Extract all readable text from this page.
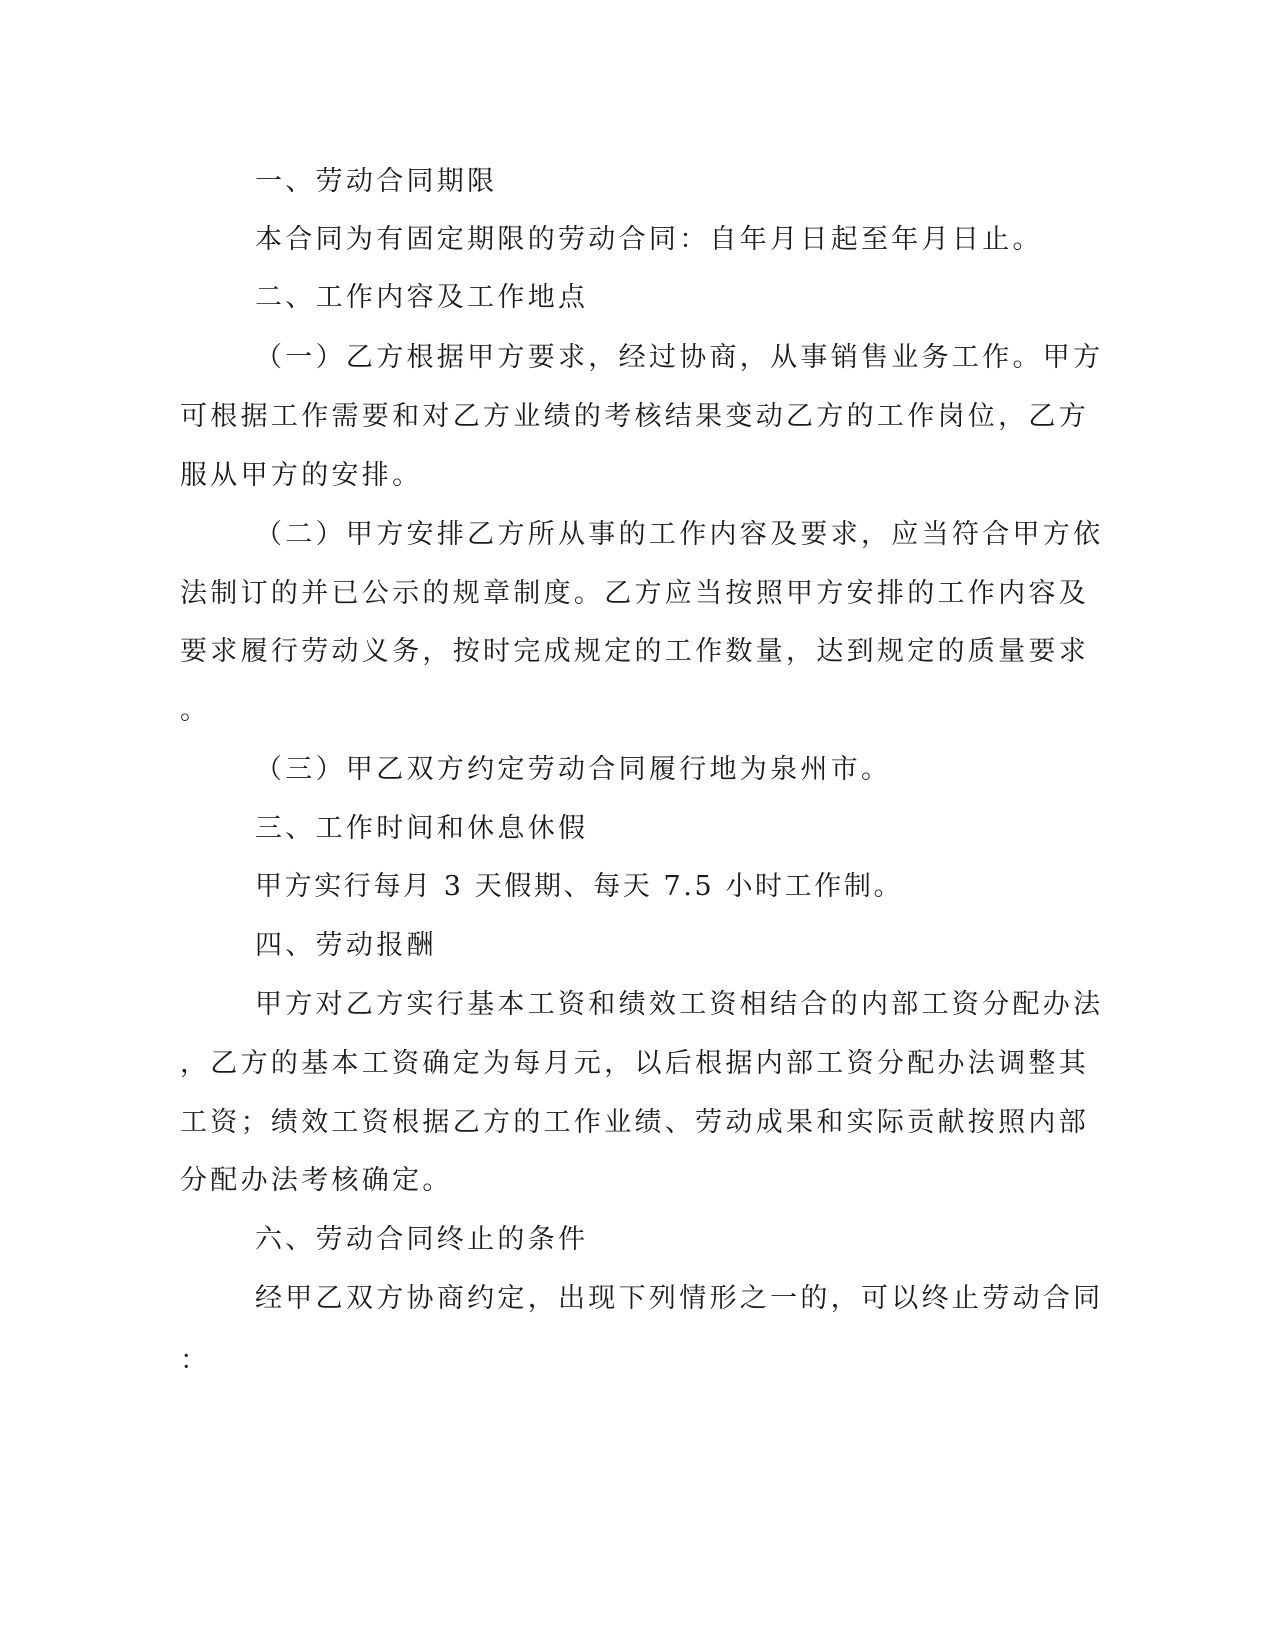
一、劳动合同期限

本合同为有固定期限的劳动合同：自年月日起至年月日止。

二、工作内容及工作地点

（一）乙方根据甲方要求，经过协商，从事销售业务工作。甲方

可根据工作需要和对乙方业绩的考核结果变动乙方的工作岗位，乙方

服从甲方的安排。

（二）甲方安排乙方所从事的工作内容及要求，应当符合甲方依

法制订的并已公示的规章制度。乙方应当按照甲方安排的工作内容及

要求履行劳动义务，按时完成规定的工作数量，达到规定的质量要求

。

（三）甲乙双方约定劳动合同履行地为泉州市。

三、工作时间和休息休假

甲方实行每月 3 天假期、每天 7.5 小时工作制。

四、劳动报酬

甲方对乙方实行基本工资和绩效工资相结合的内部工资分配办法

，乙方的基本工资确定为每月元，以后根据内部工资分配办法调整其

工资；绩效工资根据乙方的工作业绩、劳动成果和实际贡献按照内部

分配办法考核确定。

六、劳动合同终止的条件

经甲乙双方协商约定，出现下列情形之一的，可以终止劳动合同

：
